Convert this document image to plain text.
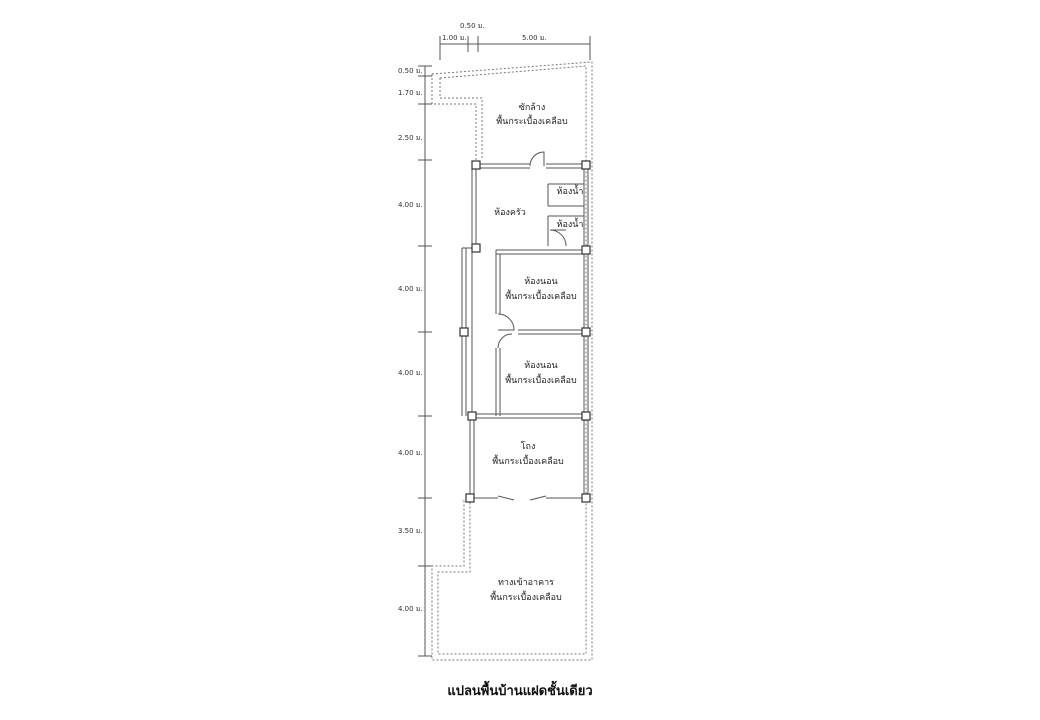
0.50 ม.
1.00 ม.	5.00 ม.
0.50 ม.
1.70 ม.
2.50 ม.
4.00 ม.
4.00 ม.
4.00 ม.
4.00 ม.
3.50 ม.
4.00 ม.
ซักล้าง
พื้นกระเบื้องเคลือบ
ห้องครัว
ห้องน้ำ
ห้องน้ำ
ห้องนอน
พื้นกระเบื้องเคลือบ
ห้องนอน
พื้นกระเบื้องเคลือบ
โถง
พื้นกระเบื้องเคลือบ
ทางเข้าอาคาร
พื้นกระเบื้องเคลือบ
แปลนพื้นบ้านแฝดชั้นเดียว
